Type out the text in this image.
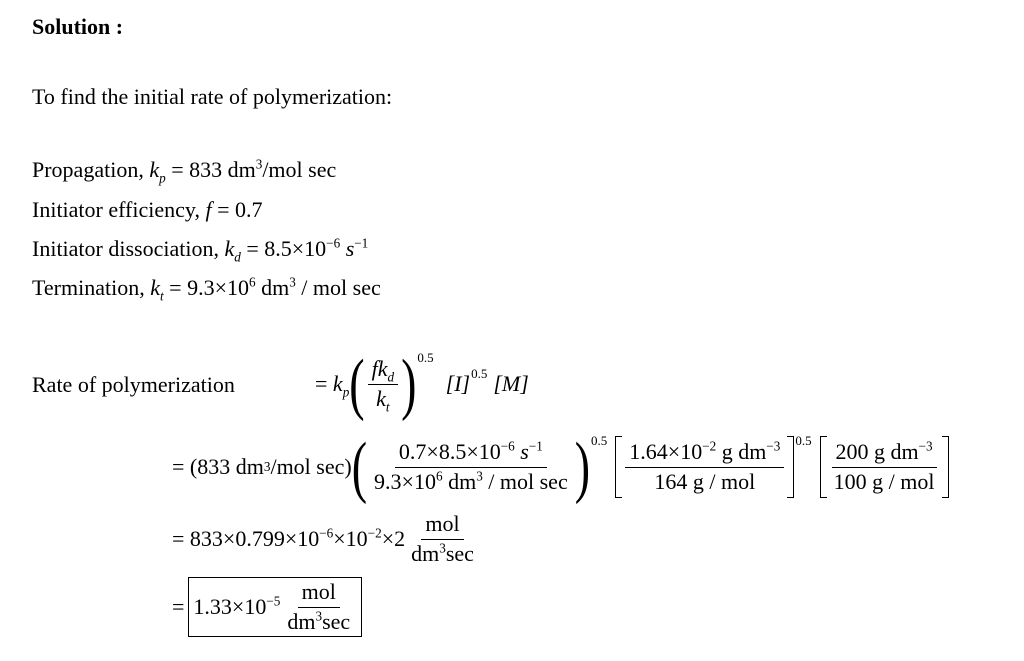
Solution :
To find the initial rate of polymerization:
Propagation, $k_p = 833$ $dm^3$/mol sec
Initiator efficiency, f = 0.7
Initiator dissociation, $k_d = 8.5\times 10^{-6}$ $s^{-1}$
Termination, $k_t = 9.3\times 10^6$ $dm^3$ / mol sec
Rate of polymerization	= $k_p$ ( $\frac{fk_d}{k_t}$ ) 0.5
[I] 0.5 [M]
= (833 dm 3 /mol sec) ( $\frac{0.7\times 8.5\times 10^{-6} s^{-1}}{9.3\times 10^6 dm^3 / mol \sec}$ ) $0.5 \frac{1.64\times 10^{-2} g dm^{-3}}{\text{164 g / mol}} 0.5 \frac{200 g dm^{-3}}{\text{100 g / mol}}$
= $833\times 0.799\times 10^{-6}\times 10^{-2}\times 2 \frac{\text{mol}}{dm^3\sec}$
= $1.33\times 10^{-5} \frac{\text{mol}}{dm^3\sec}$
